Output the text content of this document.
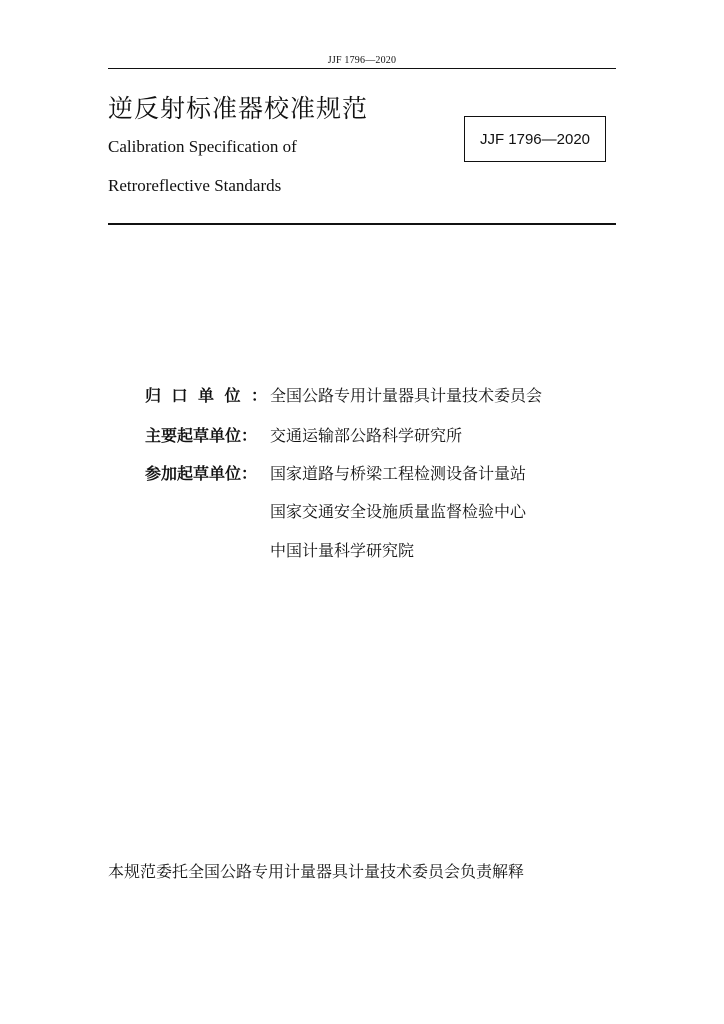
JJF 1796—2020
逆反射标准器校准规范
Calibration Specification of
Retroreflective Standards
JJF 1796—2020
归口单位：
全国公路专用计量器具计量技术委员会
主要起草单位： 交通运输部公路科学研究所
参加起草单位： 国家道路与桥梁工程检测设备计量站
国家交通安全设施质量监督检验中心
中国计量科学研究院
本规范委托全国公路专用计量器具计量技术委员会负责解释
